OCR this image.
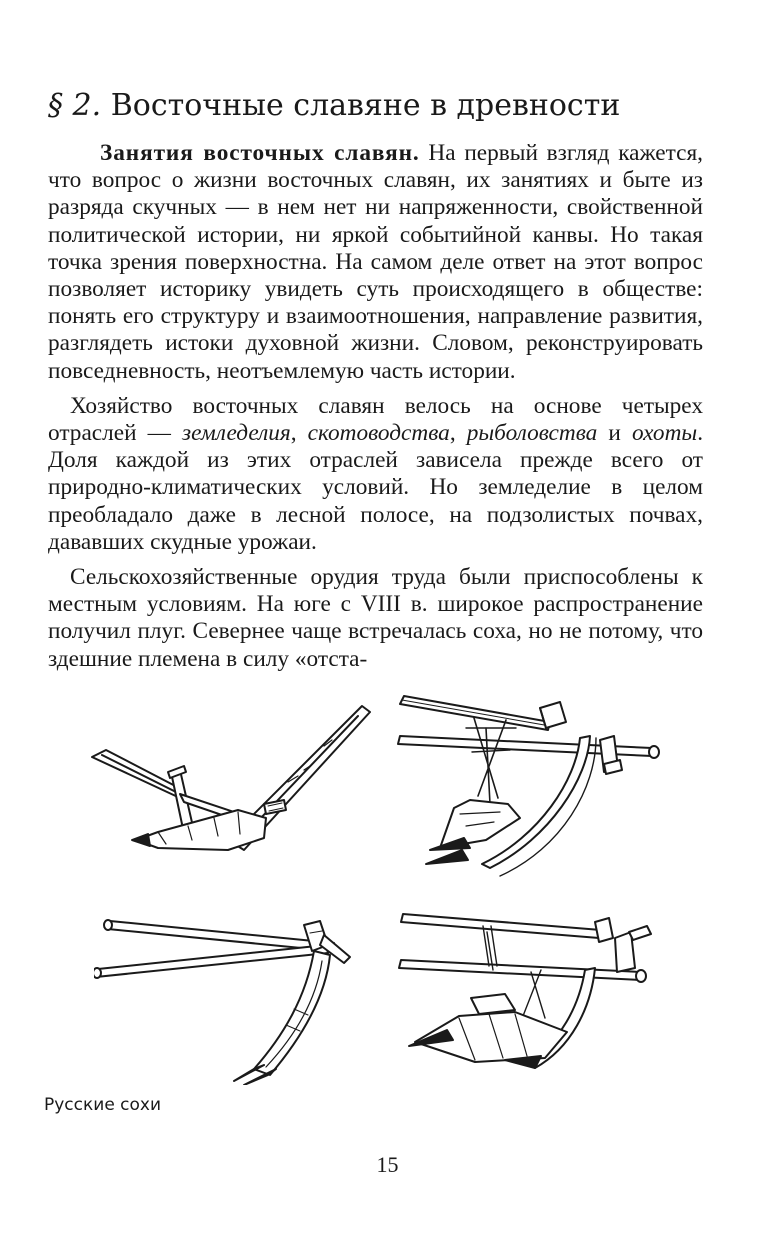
§ 2. Восточные славяне в древности

Занятия восточных славян. На первый взгляд кажется, что вопрос о жизни восточных славян, их занятиях и быте из разряда скучных — в нем нет ни напряженности, свойственной политической истории, ни яркой событийной канвы. Но такая точка зрения поверхностна. На самом деле ответ на этот вопрос позволяет историку увидеть суть происходящего в обществе: понять его структуру и взаимоотношения, направление развития, разглядеть истоки духовной жизни. Словом, реконструировать повседневность, неотъемлемую часть истории.

Хозяйство восточных славян велось на основе четырех отраслей — земледелия, скотоводства, рыболовства и охоты. Доля каждой из этих отраслей зависела прежде всего от природно-климатических условий. Но земледелие в целом преобладало даже в лесной полосе, на подзолистых почвах, дававших скудные урожаи.

Сельскохозяйственные орудия труда были приспособлены к местным условиям. На юге с VIII в. широкое распространение получил плуг. Севернее чаще встречалась соха, но не потому, что здешние племена в силу «отста-

Русские сохи
15
